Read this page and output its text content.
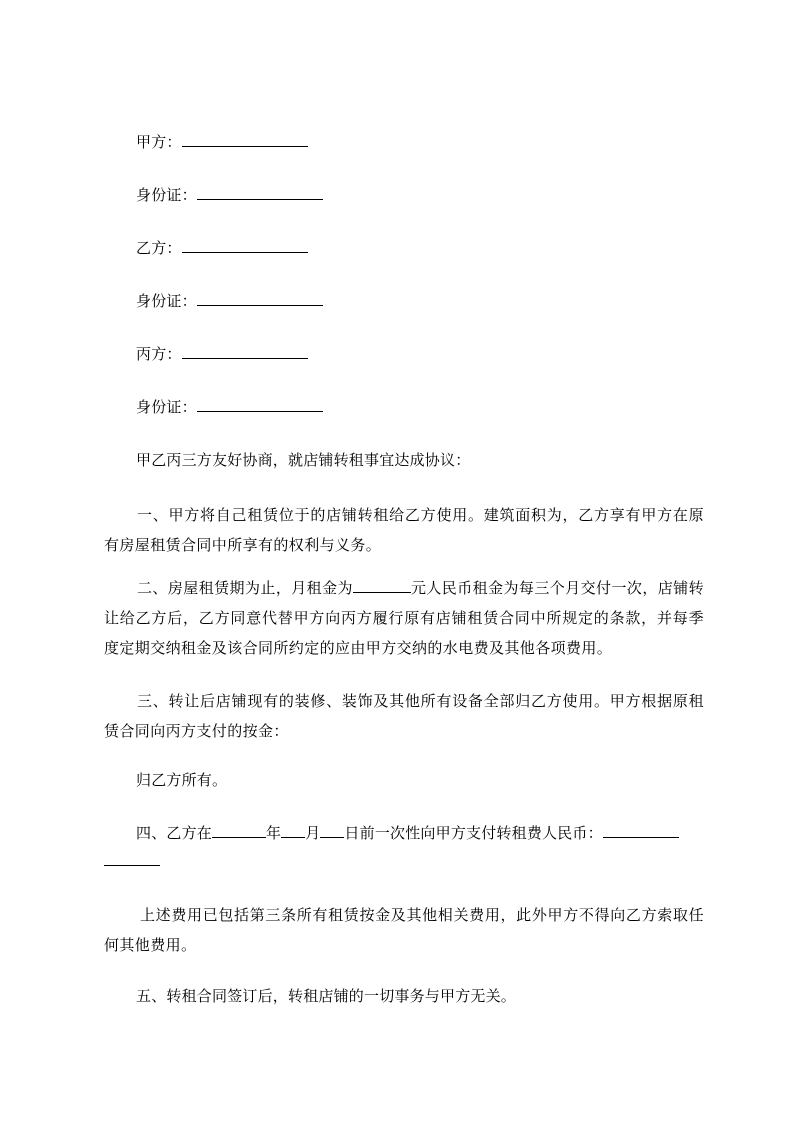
甲方：
身份证：
乙方：
身份证：
丙方：
身份证：
甲乙丙三方友好协商，就店铺转租事宜达成协议：
一、甲方将自己租赁位于的店铺转租给乙方使用。建筑面积为，乙方享有甲方在原有房屋租赁合同中所享有的权利与义务。
二、房屋租赁期为止，月租金为	元人民币租金为每三个月交付一次，店铺转让给乙方后，乙方同意代替甲方向丙方履行原有店铺租赁合同中所规定的条款，并每季度定期交纳租金及该合同所约定的应由甲方交纳的水电费及其他各项费用。
三、转让后店铺现有的装修、装饰及其他所有设备全部归乙方使用。甲方根据原租赁合同向丙方支付的按金：
归乙方所有。
四、乙方在	年 月 日前一次性向甲方支付转租费人民币：
上述费用已包括第三条所有租赁按金及其他相关费用，此外甲方不得向乙方索取任何其他费用。
五、转租合同签订后，转租店铺的一切事务与甲方无关。
